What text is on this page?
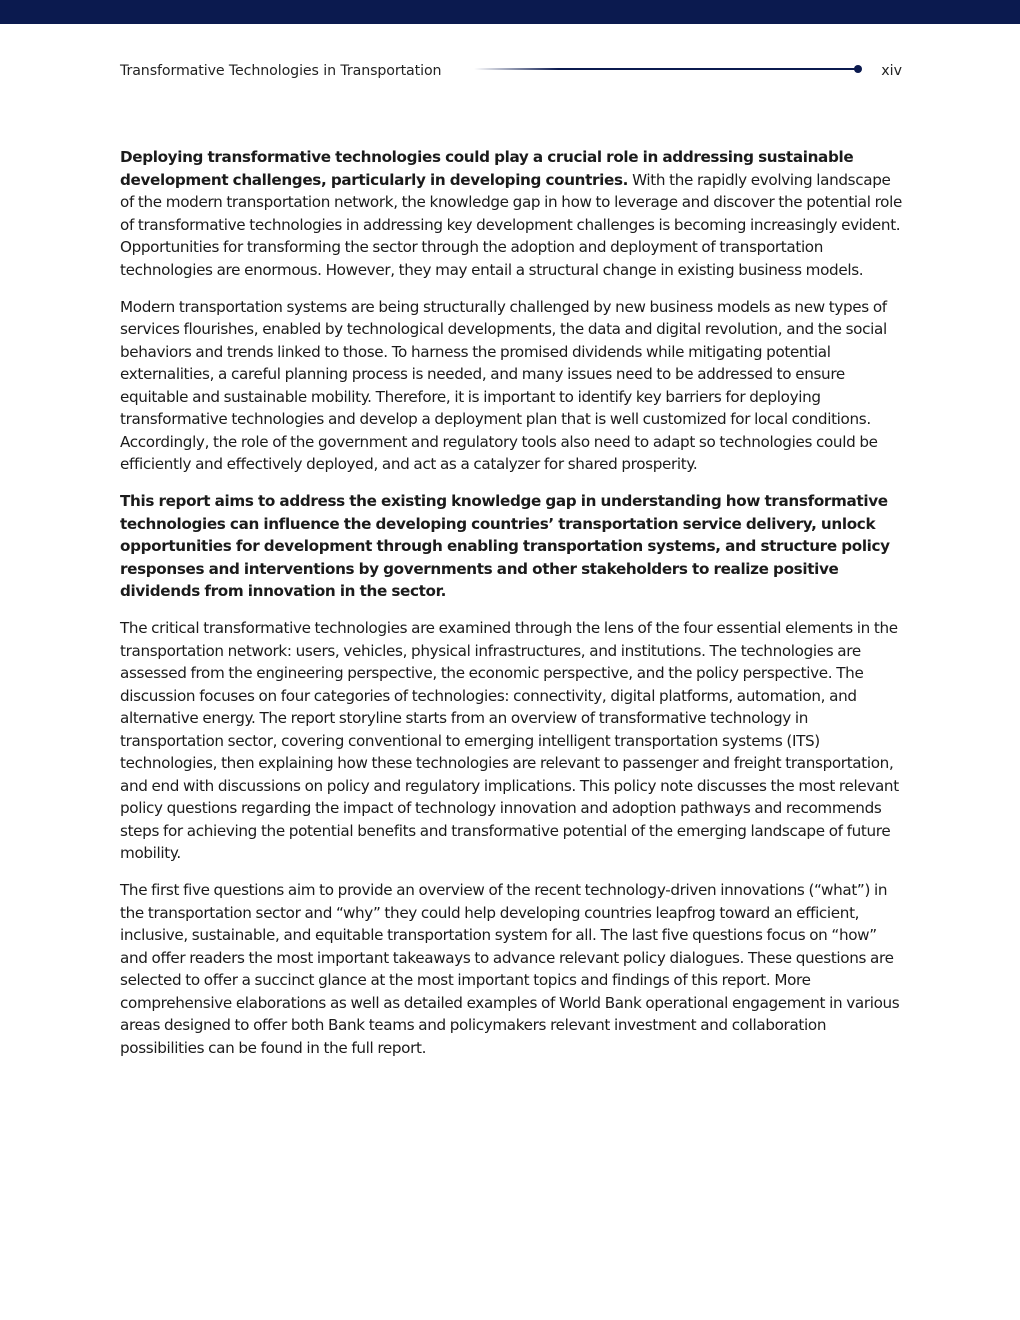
Transformative Technologies in Transportation	xiv

Deploying transformative technologies could play a crucial role in addressing sustainable development challenges, particularly in developing countries. With the rapidly evolving landscape of the modern transportation network, the knowledge gap in how to leverage and discover the potential role of transformative technologies in addressing key development challenges is becoming increasingly evident. Opportunities for transforming the sector through the adoption and deployment of transportation technologies are enormous. However, they may entail a structural change in existing business models.

Modern transportation systems are being structurally challenged by new business models as new types of services flourishes, enabled by technological developments, the data and digital revolution, and the social behaviors and trends linked to those. To harness the promised dividends while mitigating potential externalities, a careful planning process is needed, and many issues need to be addressed to ensure equitable and sustainable mobility. Therefore, it is important to identify key barriers for deploying transformative technologies and develop a deployment plan that is well customized for local conditions. Accordingly, the role of the government and regulatory tools also need to adapt so technologies could be efficiently and effectively deployed, and act as a catalyzer for shared prosperity.

This report aims to address the existing knowledge gap in understanding how transformative technologies can influence the developing countries’ transportation service delivery, unlock opportunities for development through enabling transportation systems, and structure policy responses and interventions by governments and other stakeholders to realize positive dividends from innovation in the sector.

The critical transformative technologies are examined through the lens of the four essential elements in the transportation network: users, vehicles, physical infrastructures, and institutions. The technologies are assessed from the engineering perspective, the economic perspective, and the policy perspective. The discussion focuses on four categories of technologies: connectivity, digital platforms, automation, and alternative energy. The report storyline starts from an overview of transformative technology in transportation sector, covering conventional to emerging intelligent transportation systems (ITS) technologies, then explaining how these technologies are relevant to passenger and freight transportation, and end with discussions on policy and regulatory implications. This policy note discusses the most relevant policy questions regarding the impact of technology innovation and adoption pathways and recommends steps for achieving the potential benefits and transformative potential of the emerging landscape of future mobility.

The first five questions aim to provide an overview of the recent technology-driven innovations (“what”) in the transportation sector and “why” they could help developing countries leapfrog toward an efficient, inclusive, sustainable, and equitable transportation system for all. The last five questions focus on “how” and offer readers the most important takeaways to advance relevant policy dialogues. These questions are selected to offer a succinct glance at the most important topics and findings of this report. More comprehensive elaborations as well as detailed examples of World Bank operational engagement in various areas designed to offer both Bank teams and policymakers relevant investment and collaboration possibilities can be found in the full report.
